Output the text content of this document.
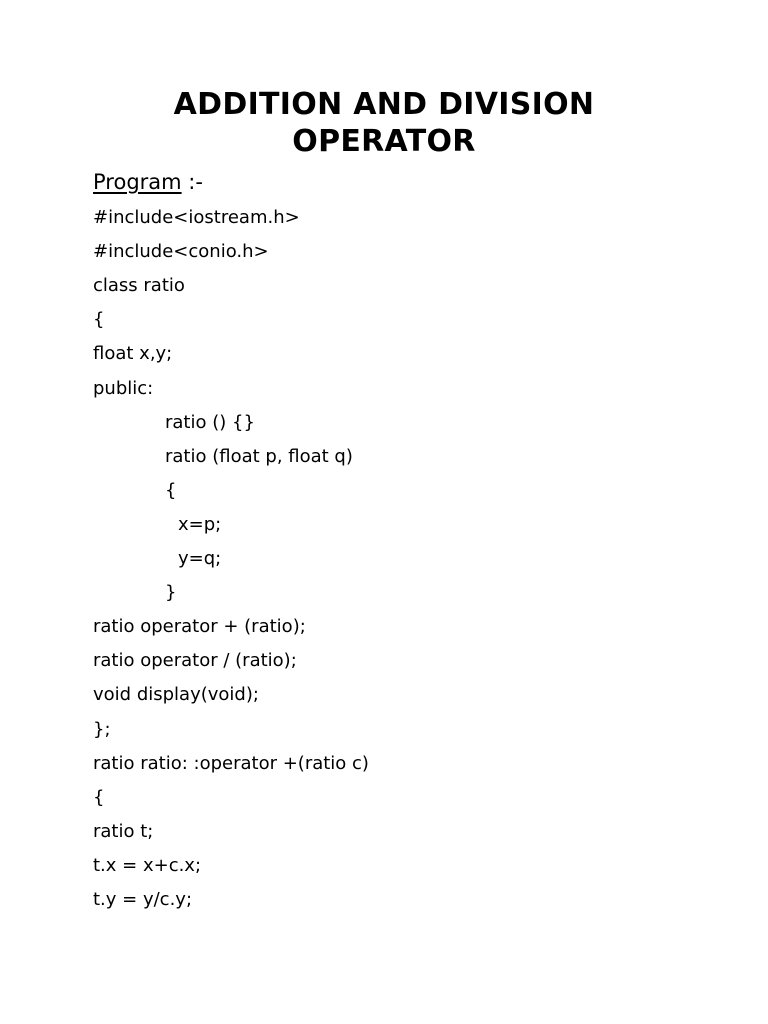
ADDITION AND DIVISION
OPERATOR
Program :-
#include<iostream.h>
#include<conio.h>
class ratio
{
float x,y;
public:
ratio () {}
ratio (float p, float q)
{
x=p;
y=q;
}
ratio operator + (ratio);
ratio operator / (ratio);
void display(void);
};
ratio ratio: :operator +(ratio c)
{
ratio t;
t.x = x+c.x;
t.y = y/c.y;
